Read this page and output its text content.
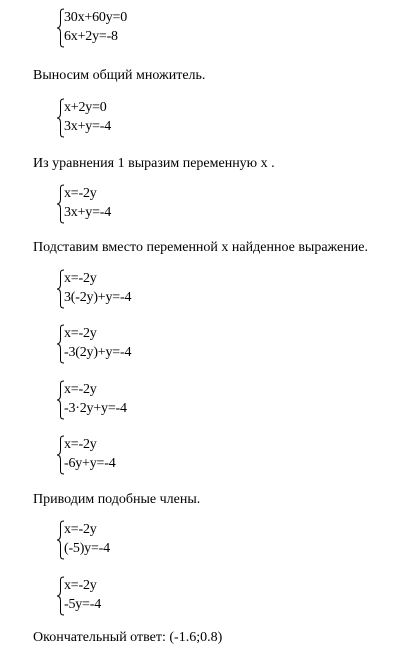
30x+60y=0
6x+2y=-8

Выносим общий множитель.

x+2y=0
3x+y=-4

Из уравнения 1 выразим переменную x .

x=-2y
3x+y=-4

Подставим вместо переменной x найденное выражение.

x=-2y
3(-2y)+y=-4
x=-2y
-3(2y)+y=-4
x=-2y
-3·2y+y=-4
x=-2y
-6y+y=-4

Приводим подобные члены.

x=-2y
(-5)y=-4
x=-2y
-5y=-4

Окончательный ответ: (-1.6;0.8)
